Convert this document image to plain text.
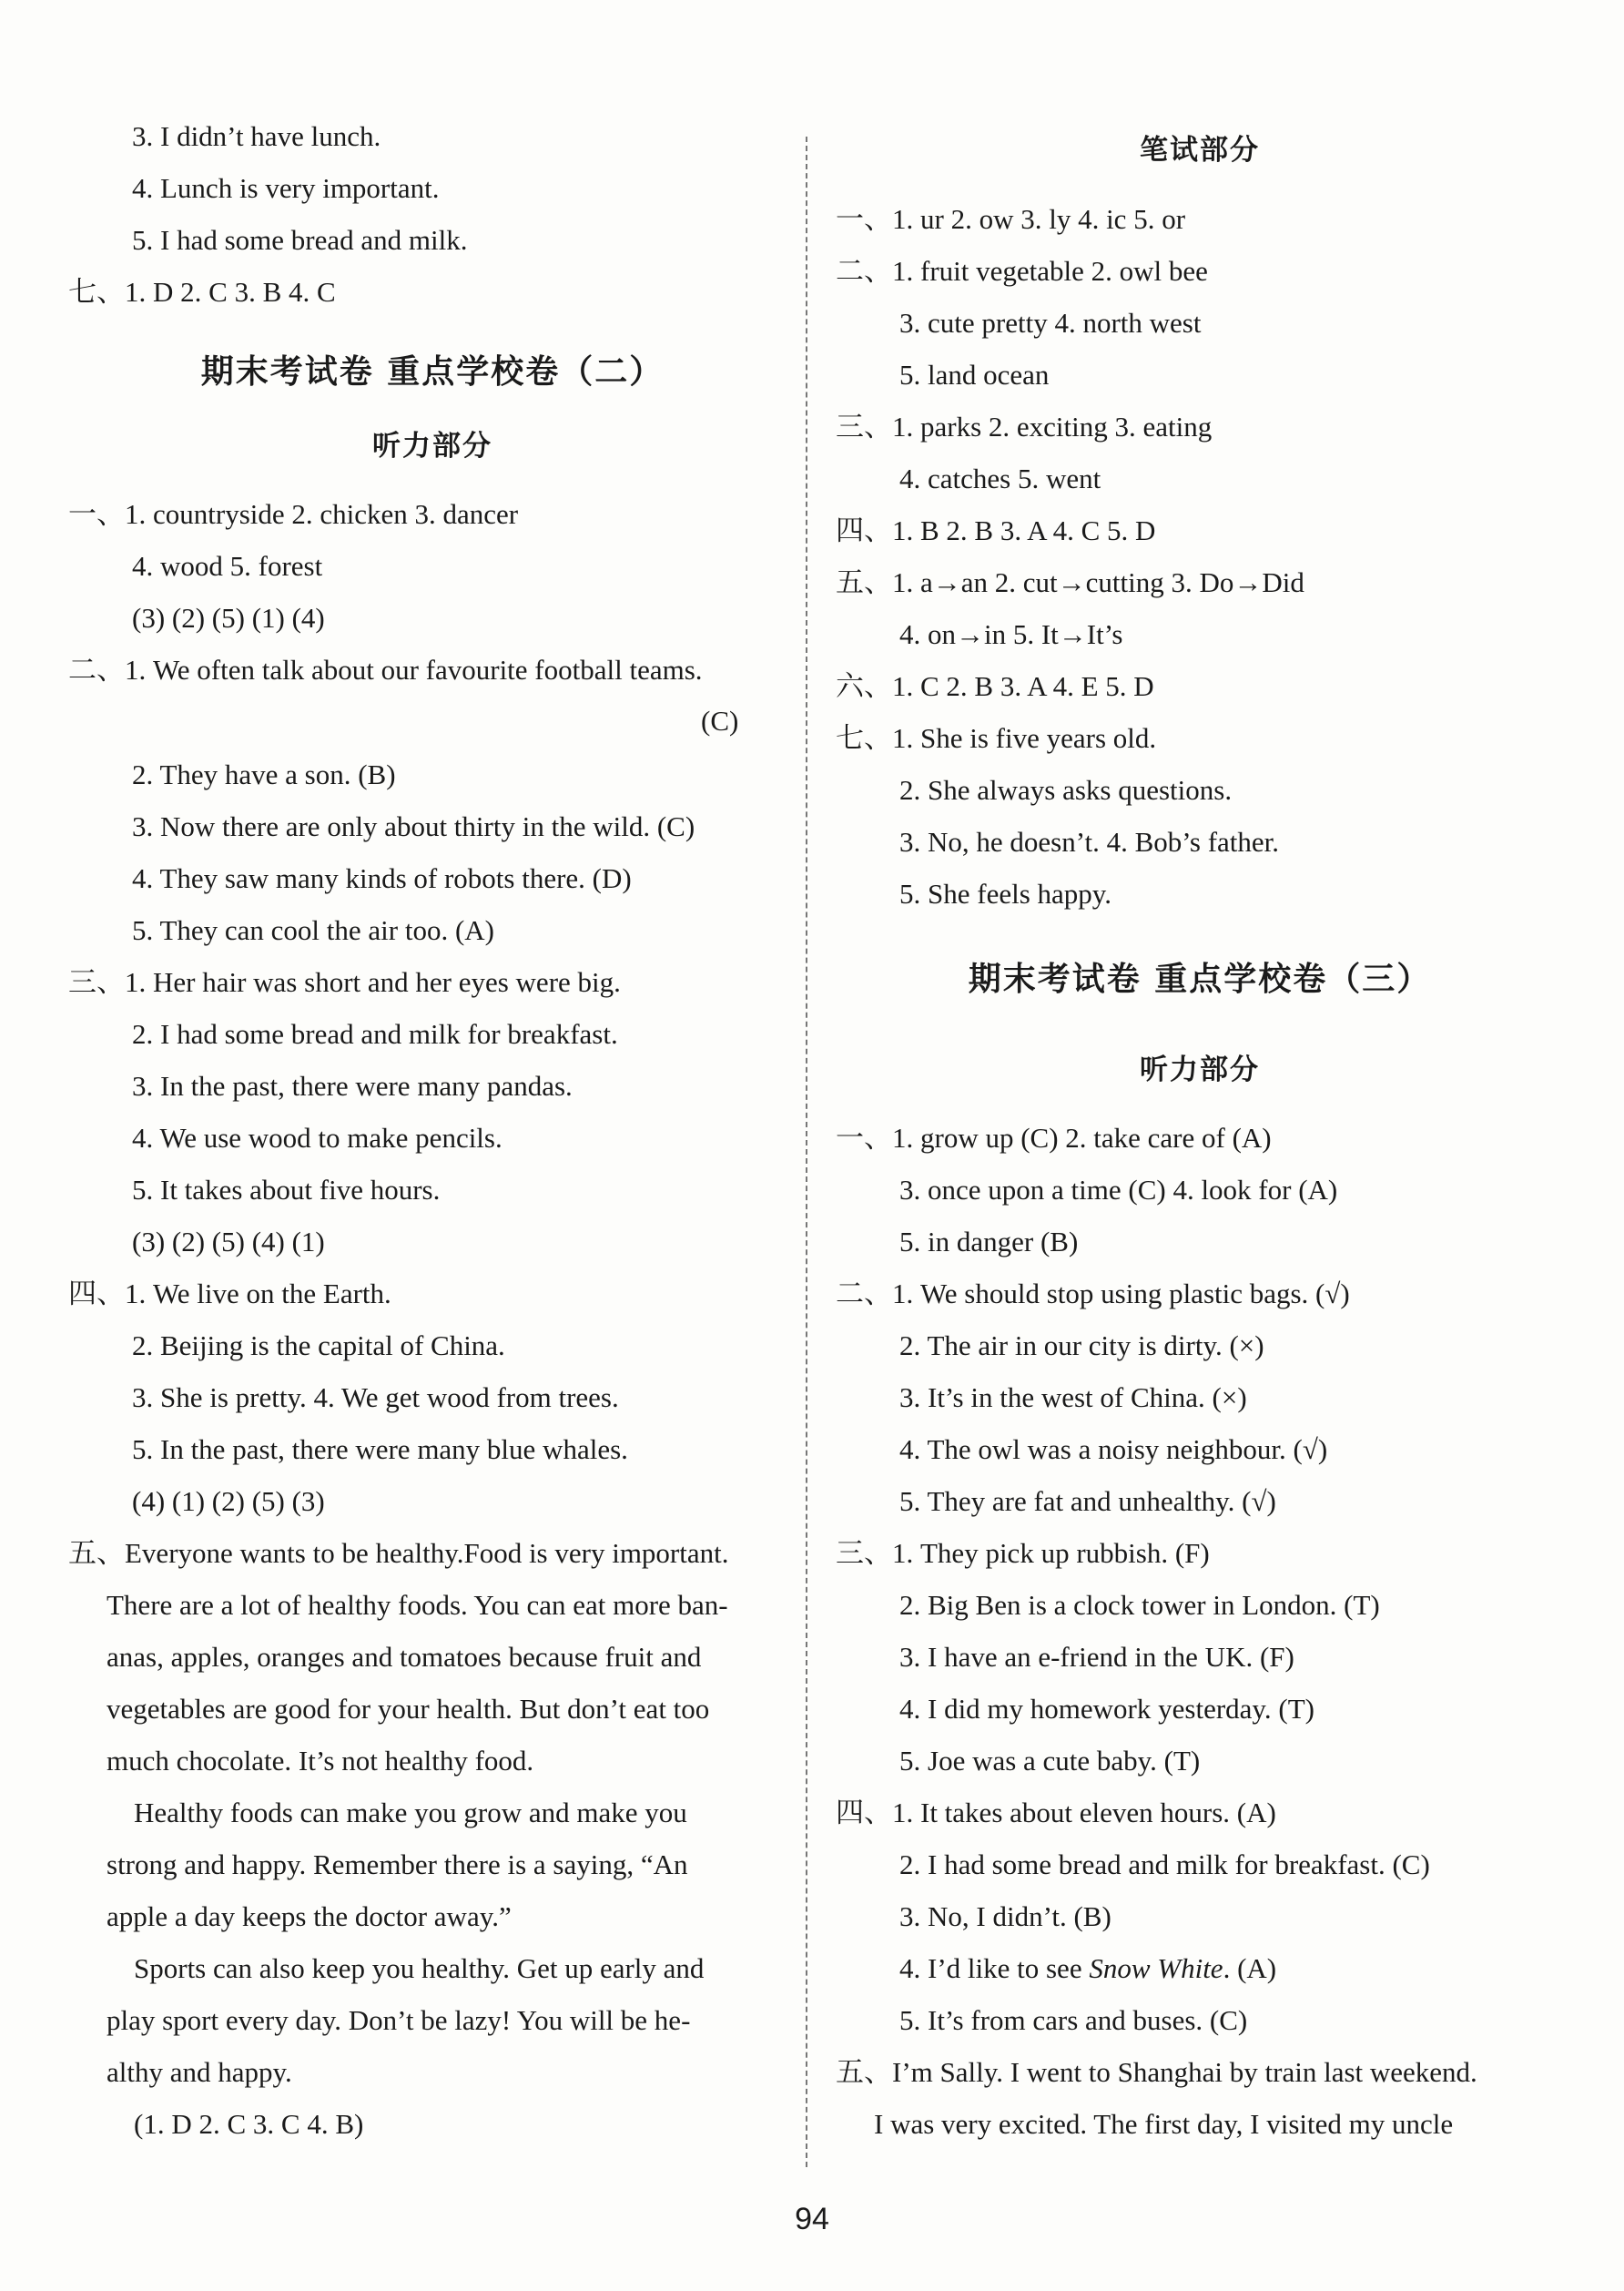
期末考试卷 重点学校卷（二）
听力部分
3. I didn’t have lunch.
4. Lunch is very important.
5. I had some bread and milk.
七、1. D 2. C 3. B 4. C
一、1. countryside 2. chicken 3. dancer
4. wood 5. forest
(3) (2) (5) (1) (4)
二、1. We often talk about our favourite football teams.
(C)
2. They have a son. (B)
3. Now there are only about thirty in the wild. (C)
4. They saw many kinds of robots there. (D)
5. They can cool the air too. (A)
三、1. Her hair was short and her eyes were big.
2. I had some bread and milk for breakfast.
3. In the past, there were many pandas.
4. We use wood to make pencils.
5. It takes about five hours.
(3) (2) (5) (4) (1)
四、1. We live on the Earth.
2. Beijing is the capital of China.
3. She is pretty. 4. We get wood from trees.
5. In the past, there were many blue whales.
(4) (1) (2) (5) (3)
五、Everyone wants to be healthy.Food is very important.
There are a lot of healthy foods. You can eat more ban-
anas, apples, oranges and tomatoes because fruit and
vegetables are good for your health. But don’t eat too
much chocolate. It’s not healthy food.
Healthy foods can make you grow and make you
strong and happy. Remember there is a saying, “An
apple a day keeps the doctor away.”
Sports can also keep you healthy. Get up early and
play sport every day. Don’t be lazy! You will be he-
althy and happy.
(1. D 2. C 3. C 4. B)
笔试部分
期末考试卷 重点学校卷（三）
听力部分
一、1. ur 2. ow 3. ly 4. ic 5. or
二、1. fruit vegetable 2. owl bee
3. cute pretty 4. north west
5. land ocean
三、1. parks 2. exciting 3. eating
4. catches 5. went
四、1. B 2. B 3. A 4. C 5. D
五、1. a→an 2. cut→cutting 3. Do→Did
4. on→in 5. It→It’s
六、1. C 2. B 3. A 4. E 5. D
七、1. She is five years old.
2. She always asks questions.
3. No, he doesn’t. 4. Bob’s father.
5. She feels happy.
一、1. grow up (C) 2. take care of (A)
3. once upon a time (C) 4. look for (A)
5. in danger (B)
二、1. We should stop using plastic bags. (√)
2. The air in our city is dirty. (×)
3. It’s in the west of China. (×)
4. The owl was a noisy neighbour. (√)
5. They are fat and unhealthy. (√)
三、1. They pick up rubbish. (F)
2. Big Ben is a clock tower in London. (T)
3. I have an e-friend in the UK. (F)
4. I did my homework yesterday. (T)
5. Joe was a cute baby. (T)
四、1. It takes about eleven hours. (A)
2. I had some bread and milk for breakfast. (C)
3. No, I didn’t. (B)
4. I’d like to see Snow White. (A)
5. It’s from cars and buses. (C)
五、I’m Sally. I went to Shanghai by train last weekend.
I was very excited. The first day, I visited my uncle
94
